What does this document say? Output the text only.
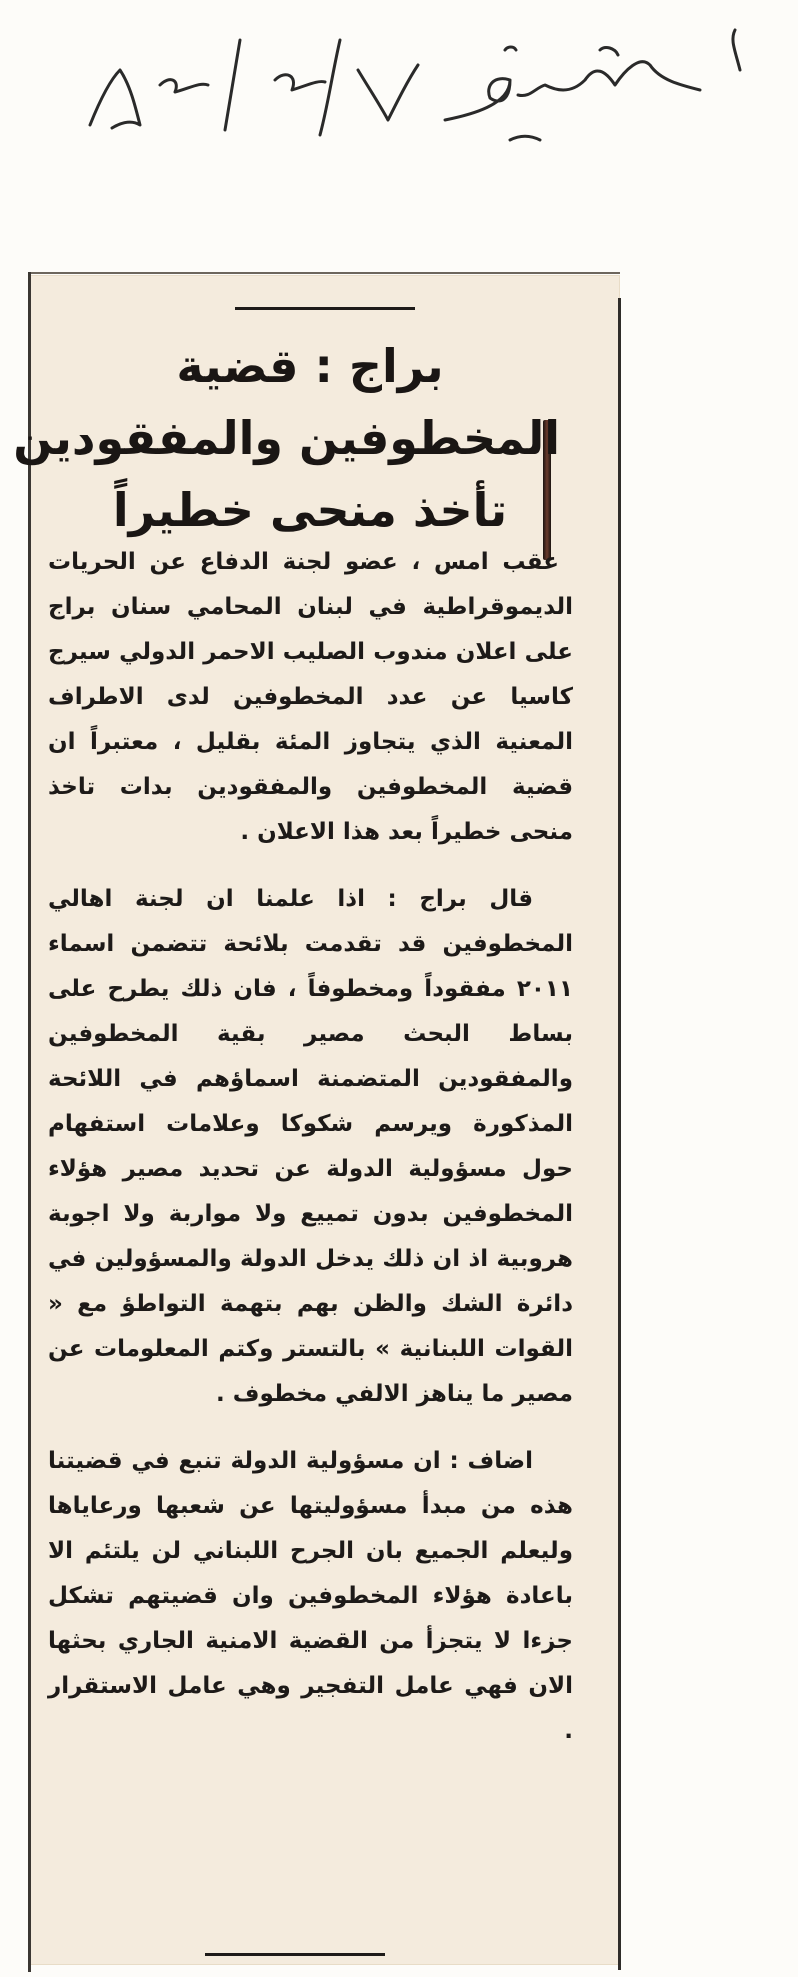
براج : قضية
المخطوفين والمفقودين
تأخذ منحى خطيراً

عقب امس ، عضو لجنة الدفاع عن الحريات الديموقراطية في لبنان المحامي سنان براج على اعلان مندوب الصليب الاحمر الدولي سيرج كاسيا عن عدد المخطوفين لدى الاطراف المعنية الذي يتجاوز المئة بقليل ، معتبراً ان قضية المخطوفين والمفقودين بدات تاخذ منحى خطيراً بعد هذا الاعلان .

قال براج : اذا علمنا ان لجنة اهالي المخطوفين قد تقدمت بلائحة تتضمن اسماء ٢٠١١ مفقوداً ومخطوفاً ، فان ذلك يطرح على بساط البحث مصير بقية المخطوفين والمفقودين المتضمنة اسماؤهم في اللائحة المذكورة ويرسم شكوكا وعلامات استفهام حول مسؤولية الدولة عن تحديد مصير هؤلاء المخطوفين بدون تمييع ولا مواربة ولا اجوبة هروبية اذ ان ذلك يدخل الدولة والمسؤولين في دائرة الشك والظن بهم بتهمة التواطؤ مع « القوات اللبنانية » بالتستر وكتم المعلومات عن مصير ما يناهز الالفي مخطوف .

اضاف : ان مسؤولية الدولة تنبع في قضيتنا هذه من مبدأ مسؤوليتها عن شعبها ورعاياها وليعلم الجميع بان الجرح اللبناني لن يلتئم الا باعادة هؤلاء المخطوفين وان قضيتهم تشكل جزءا لا يتجزأ من القضية الامنية الجاري بحثها الان فهي عامل التفجير وهي عامل الاستقرار .
